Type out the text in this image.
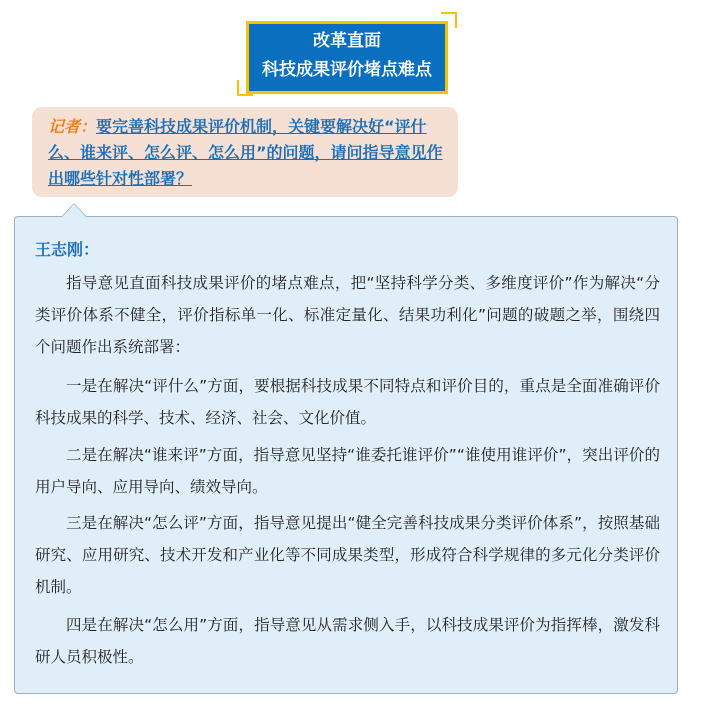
改革直面
科技成果评价堵点难点
记者：要完善科技成果评价机制，关键要解决好“评什么、谁来评、怎么评、怎么用”的问题，请问指导意见作出哪些针对性部署？
王志刚：

指导意见直面科技成果评价的堵点难点，把“坚持科学分类、多维度评价”作为解决“分类评价体系不健全，评价指标单一化、标准定量化、结果功利化”问题的破题之举，围绕四个问题作出系统部署：

一是在解决“评什么”方面，要根据科技成果不同特点和评价目的，重点是全面准确评价科技成果的科学、技术、经济、社会、文化价值。

二是在解决“谁来评”方面，指导意见坚持“谁委托谁评价”“谁使用谁评价”，突出评价的用户导向、应用导向、绩效导向。

三是在解决“怎么评”方面，指导意见提出“健全完善科技成果分类评价体系”，按照基础研究、应用研究、技术开发和产业化等不同成果类型，形成符合科学规律的多元化分类评价机制。

四是在解决“怎么用”方面，指导意见从需求侧入手，以科技成果评价为指挥棒，激发科研人员积极性。
